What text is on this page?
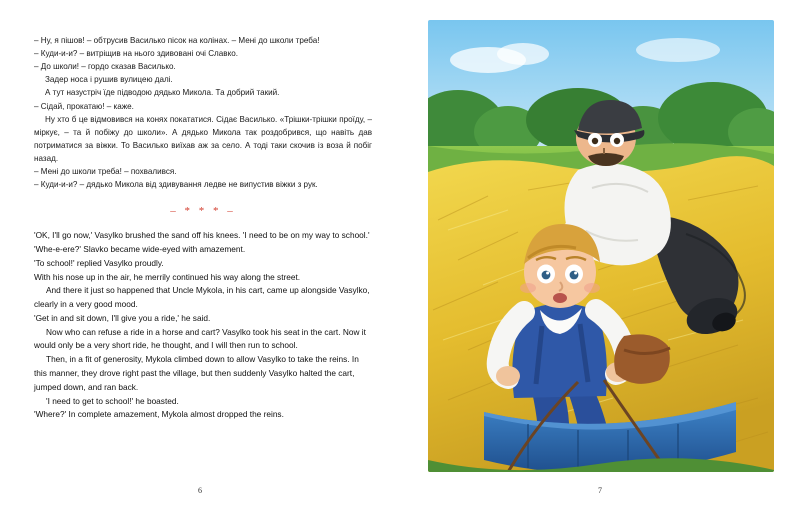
– Ну, я пішов! – обтрусив Василько пісок на колінах. – Мені до школи треба!

– Куди-и-и? – витріщив на нього здивовані очі Славко.

– До школи! – гордо сказав Василько.

Задер носа і рушив вулицею далі.

А тут назустріч їде підводою дядько Микола. Та добрий такий.

– Сідай, прокатаю! – каже.

Ну хто б це відмовився на конях покататися. Сідає Василько. «Трішки-трішки проїду, – міркує, – та й побіжу до школи». А дядько Микола так роздобрився, що навіть дав потриматися за віжки. То Василько виїхав аж за село. А тоді таки скочив із воза й побіг назад.

– Мені до школи треба! – похвалився.

– Куди-и-и? – дядько Микола від здивування ледве не випустив віжки з рук.

– * * * –

'OK, I'll go now,' Vasylko brushed the sand off his knees. 'I need to be on my way to school.'

'Whe-e-ere?' Slavko became wide-eyed with amazement.

'To school!' replied Vasylko proudly.

With his nose up in the air, he merrily continued his way along the street.

And there it just so happened that Uncle Mykola, in his cart, came up alongside Vasylko, clearly in a very good mood.

'Get in and sit down, I'll give you a ride,' he said.

Now who can refuse a ride in a horse and cart? Vasylko took his seat in the cart. Now it would only be a very short ride, he thought, and I will then run to school.

Then, in a fit of generosity, Mykola climbed down to allow Vasylko to take the reins. In this manner, they drove right past the village, but then suddenly Vasylko halted the cart, jumped down, and ran back.

'I need to get to school!' he boasted.

'Where?' In complete amazement, Mykola almost dropped the reins.

6	7
